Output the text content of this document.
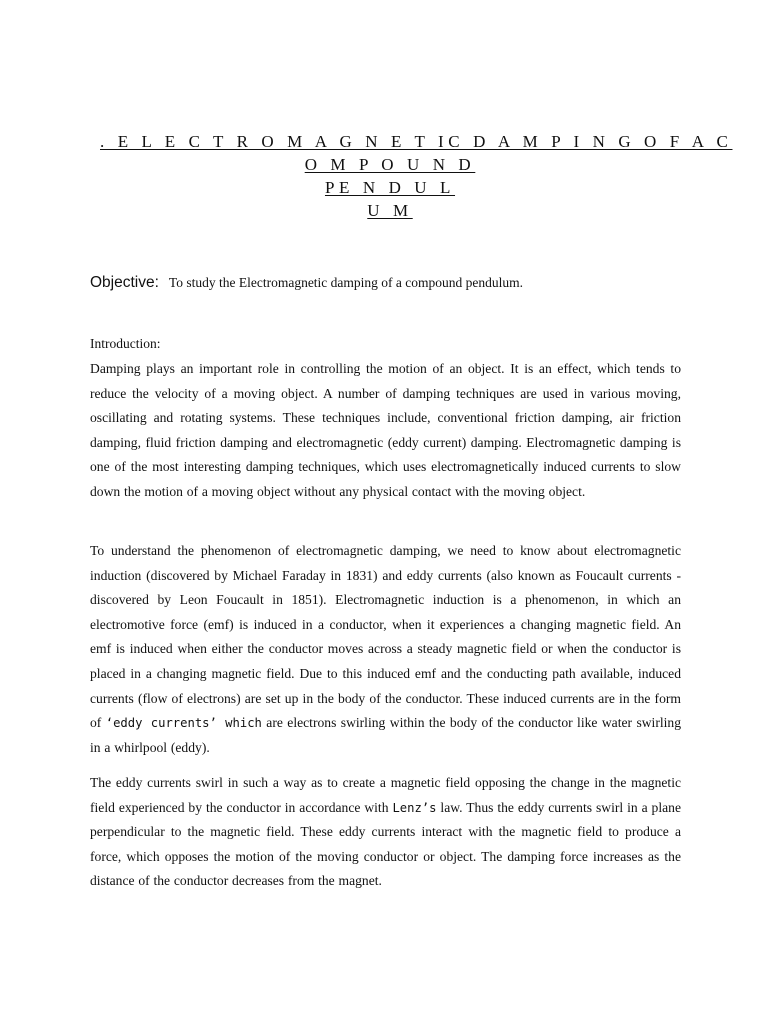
. E L E C T R O M A G N E T IC D A M P I N G O F A C
O M P O U N D
PE N D U L
U M
Objective: To study the Electromagnetic damping of a compound pendulum.
Introduction:

Damping plays an important role in controlling the motion of an object. It is an effect, which tends to reduce the velocity of a moving object. A number of damping techniques are used in various moving, oscillating and rotating systems. These techniques include, conventional friction damping, air friction damping, fluid friction damping and electromagnetic (eddy current) damping. Electromagnetic damping is one of the most interesting damping techniques, which uses electromagnetically induced currents to slow down the motion of a moving object without any physical contact with the moving object.

To understand the phenomenon of electromagnetic damping, we need to know about electromagnetic induction (discovered by Michael Faraday in 1831) and eddy currents (also known as Foucault currents - discovered by Leon Foucault in 1851). Electromagnetic induction is a phenomenon, in which an electromotive force (emf) is induced in a conductor, when it experiences a changing magnetic field. An emf is induced when either the conductor moves across a steady magnetic field or when the conductor is placed in a changing magnetic field. Due to this induced emf and the conducting path available, induced currents (flow of electrons) are set up in the body of the conductor. These induced currents are in the form of ‘eddy currents’ which are electrons swirling within the body of the conductor like water swirling in a whirlpool (eddy).

The eddy currents swirl in such a way as to create a magnetic field opposing the change in the magnetic field experienced by the conductor in accordance with Lenz’s law. Thus the eddy currents swirl in a plane perpendicular to the magnetic field. These eddy currents interact with the magnetic field to produce a force, which opposes the motion of the moving conductor or object. The damping force increases as the distance of the conductor decreases from the magnet.
